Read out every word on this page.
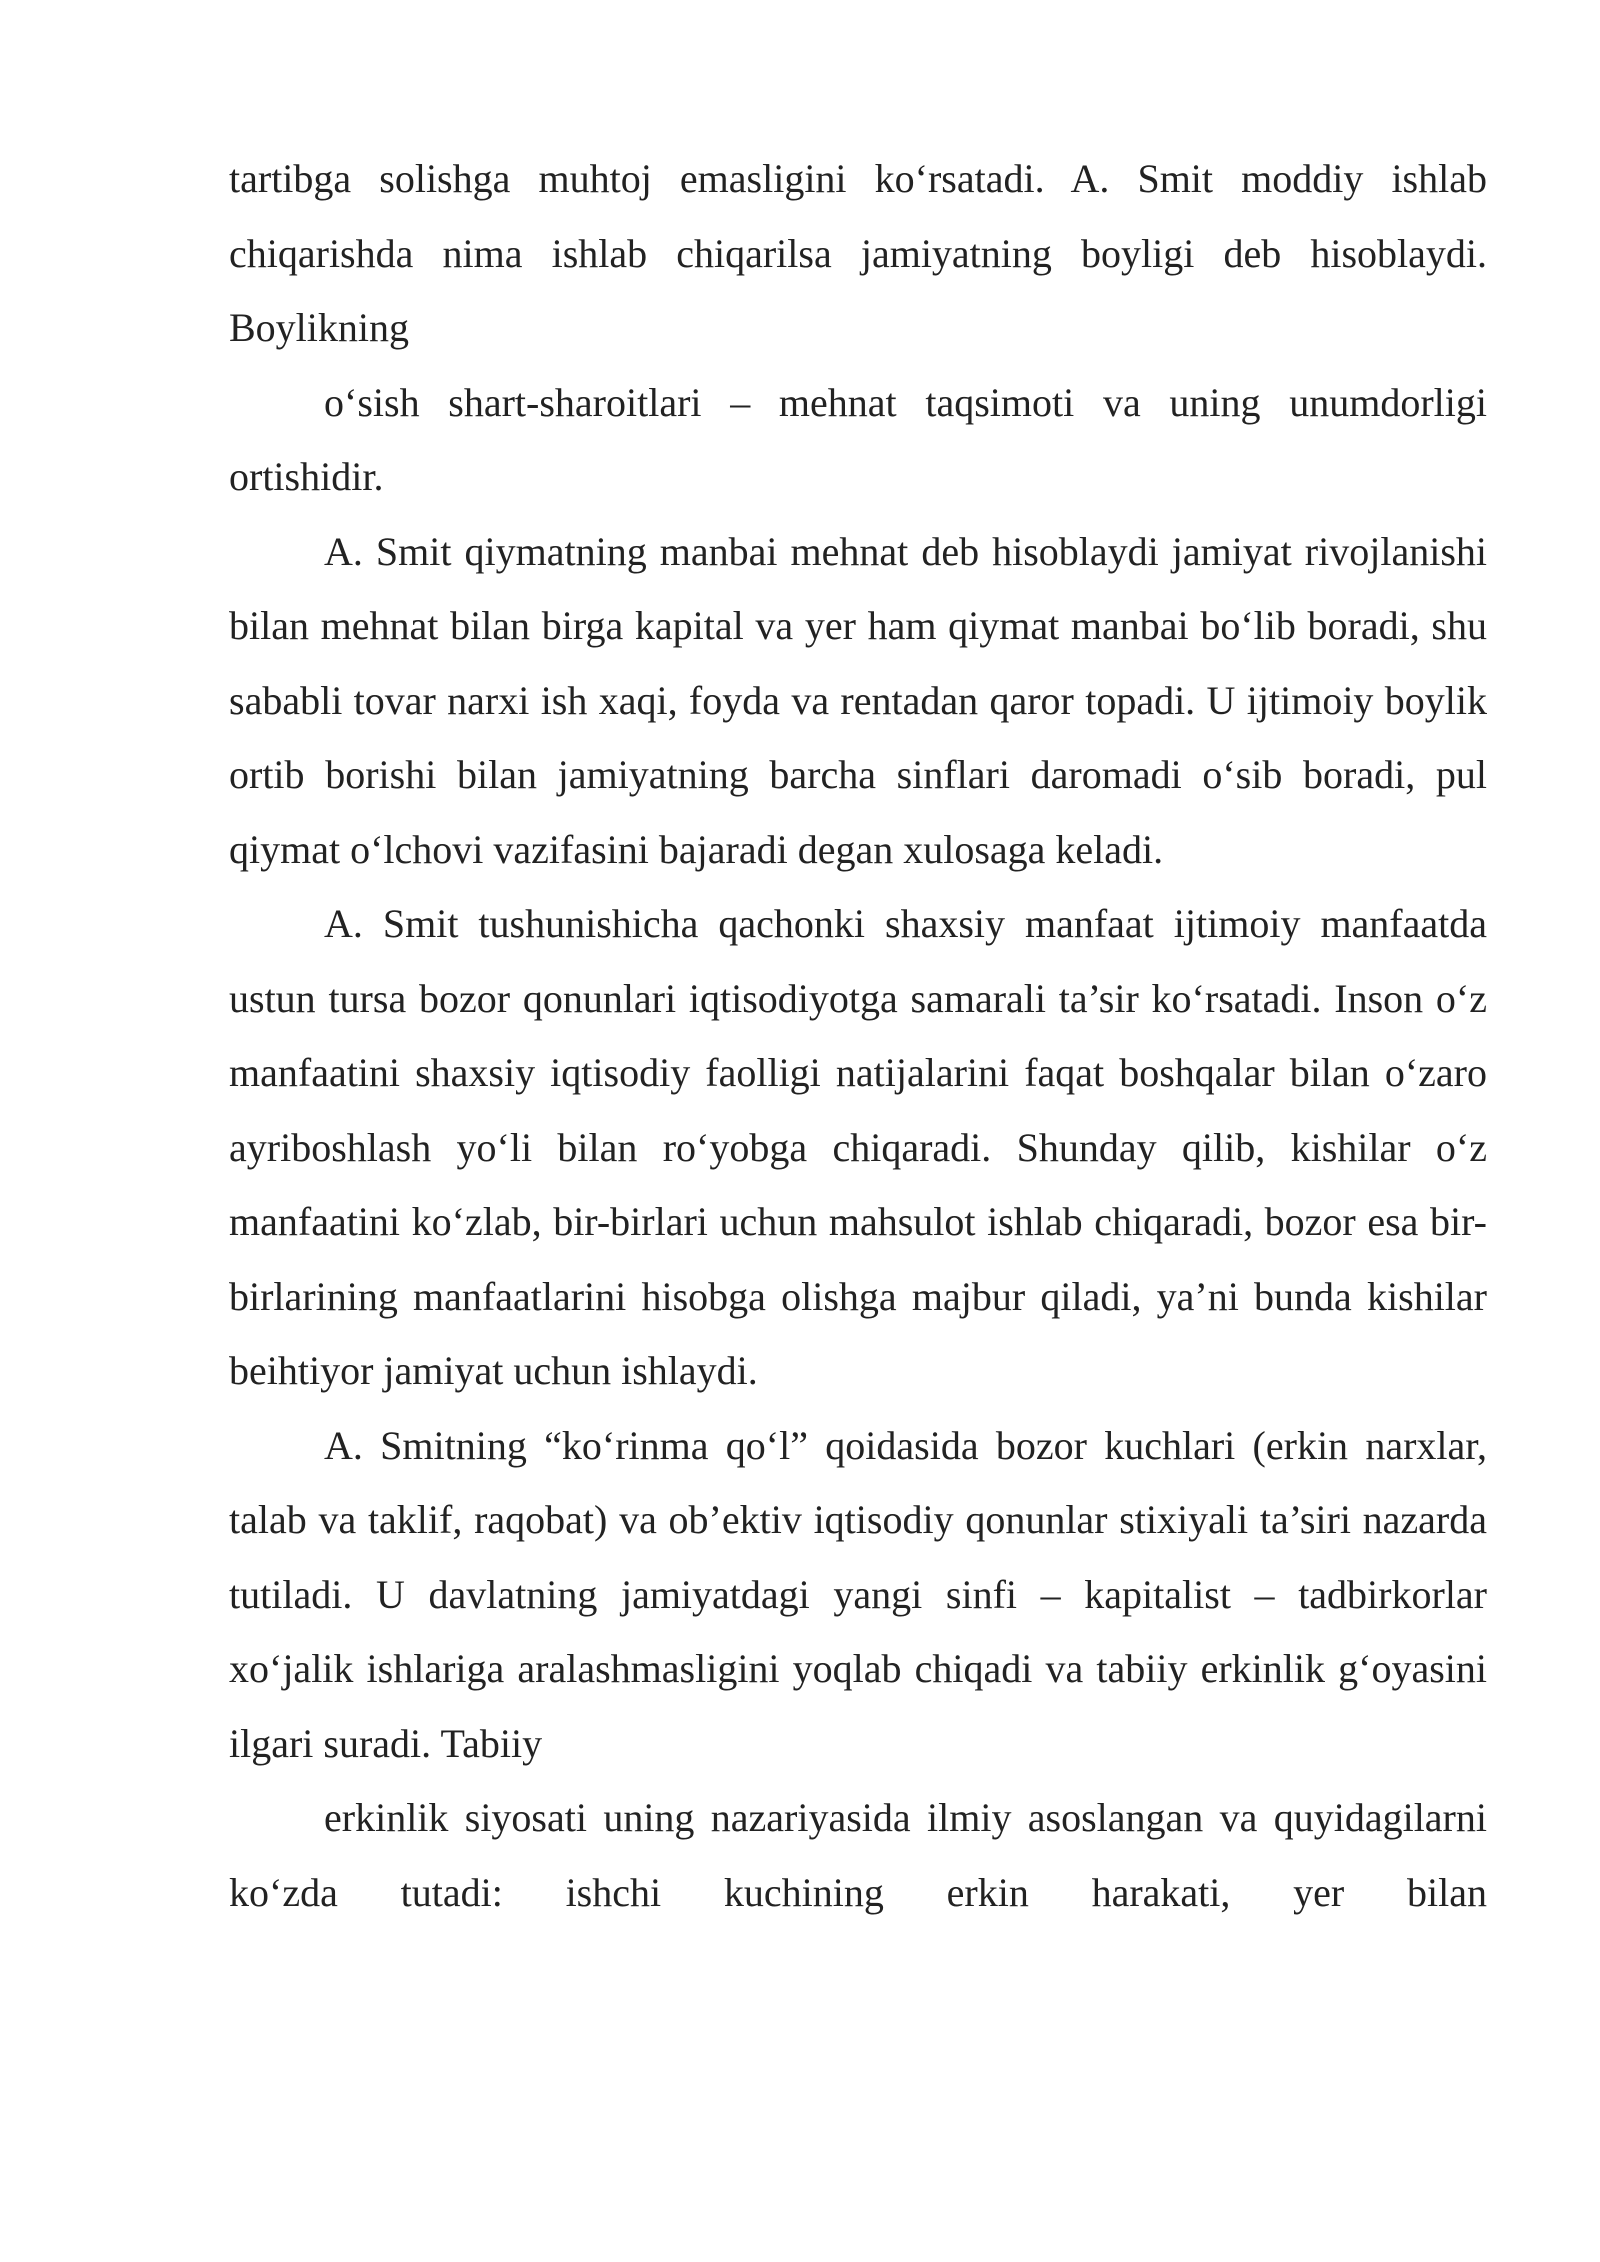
tartibga solishga muhtoj emasligini ko‘rsatadi. A. Smit moddiy ishlab chiqarishda nima ishlab chiqarilsa jamiyatning boyligi deb hisoblaydi. Boylikning

o‘sish shart-sharoitlari – mehnat taqsimoti va uning unumdorligi ortishidir.

A. Smit qiymatning manbai mehnat deb hisoblaydi jamiyat rivojlanishi bilan mehnat bilan birga kapital va yer ham qiymat manbai bo‘lib boradi, shu sababli tovar narxi ish xaqi, foyda va rentadan qaror topadi. U ijtimoiy boylik ortib borishi bilan jamiyatning barcha sinflari daromadi o‘sib boradi, pul qiymat o‘lchovi vazifasini bajaradi degan xulosaga keladi.

A. Smit tushunishicha qachonki shaxsiy manfaat ijtimoiy manfaatda ustun tursa bozor qonunlari iqtisodiyotga samarali ta’sir ko‘rsatadi. Inson o‘z manfaatini shaxsiy iqtisodiy faolligi natijalarini faqat boshqalar bilan o‘zaro ayriboshlash yo‘li bilan ro‘yobga chiqaradi. Shunday qilib, kishilar o‘z manfaatini ko‘zlab, bir-birlari uchun mahsulot ishlab chiqaradi, bozor esa bir-birlarining manfaatlarini hisobga olishga majbur qiladi, ya’ni bunda kishilar beihtiyor jamiyat uchun ishlaydi.

A. Smitning “ko‘rinma qo‘l” qoidasida bozor kuchlari (erkin narxlar, talab va taklif, raqobat) va ob’ektiv iqtisodiy qonunlar stixiyali ta’siri nazarda tutiladi. U davlatning jamiyatdagi yangi sinfi – kapitalist – tadbirkorlar xo‘jalik ishlariga aralashmasligini yoqlab chiqadi va tabiiy erkinlik g‘oyasini ilgari suradi. Tabiiy

erkinlik siyosati uning nazariyasida ilmiy asoslangan va quyidagilarni ko‘zda tutadi: ishchi kuchining erkin harakati, yer bilan
